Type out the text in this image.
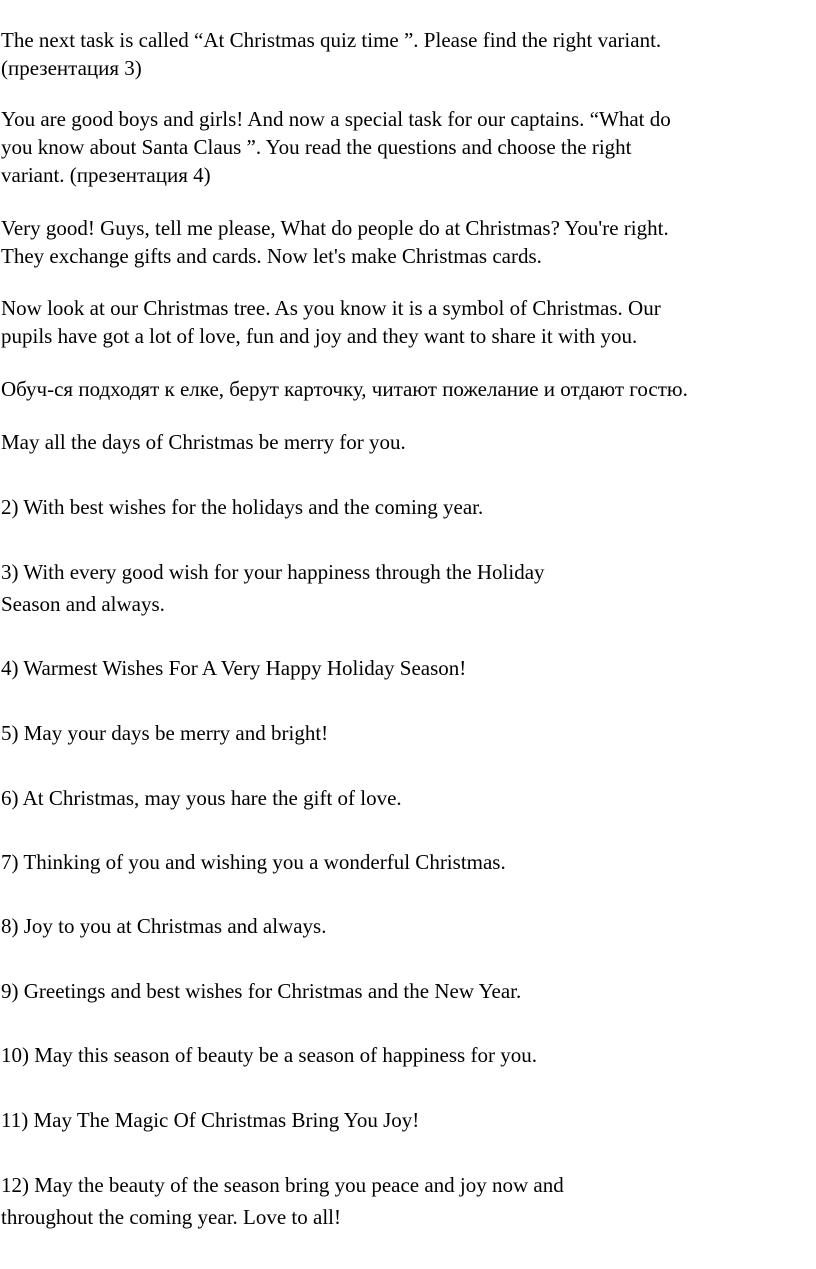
The next task is called “At Christmas quiz time ”. Please find the right variant.
(презентация 3)

You are good boys and girls! And now a special task for our captains. “What do
you know about Santa Claus ”. You read the questions and choose the right
variant. (презентация 4)

Very good! Guys, tell me please, What do people do at Christmas? You're right.
They exchange gifts and cards. Now let's make Christmas cards.

Now look at our Christmas tree. As you know it is a symbol of Christmas. Our
pupils have got a lot of love, fun and joy and they want to share it with you.

Обуч-ся подходят к елке, берут карточку, читают пожелание и отдают гостю.

May all the days of Christmas be merry for you.

2) With best wishes for the holidays and the coming year.

3) With every good wish for your happiness through the Holiday
Season and always.

4) Warmest Wishes For A Very Happy Holiday Season!

5) May your days be merry and bright!

6) At Christmas, may yous hare the gift of love.

7) Thinking of you and wishing you a wonderful Christmas.

8) Joy to you at Christmas and always.

9) Greetings and best wishes for Christmas and the New Year.

10) May this season of beauty be a season of happiness for you.

11) May The Magic Of Christmas Bring You Joy!

12) May the beauty of the season bring you peace and joy now and
throughout the coming year. Love to all!
